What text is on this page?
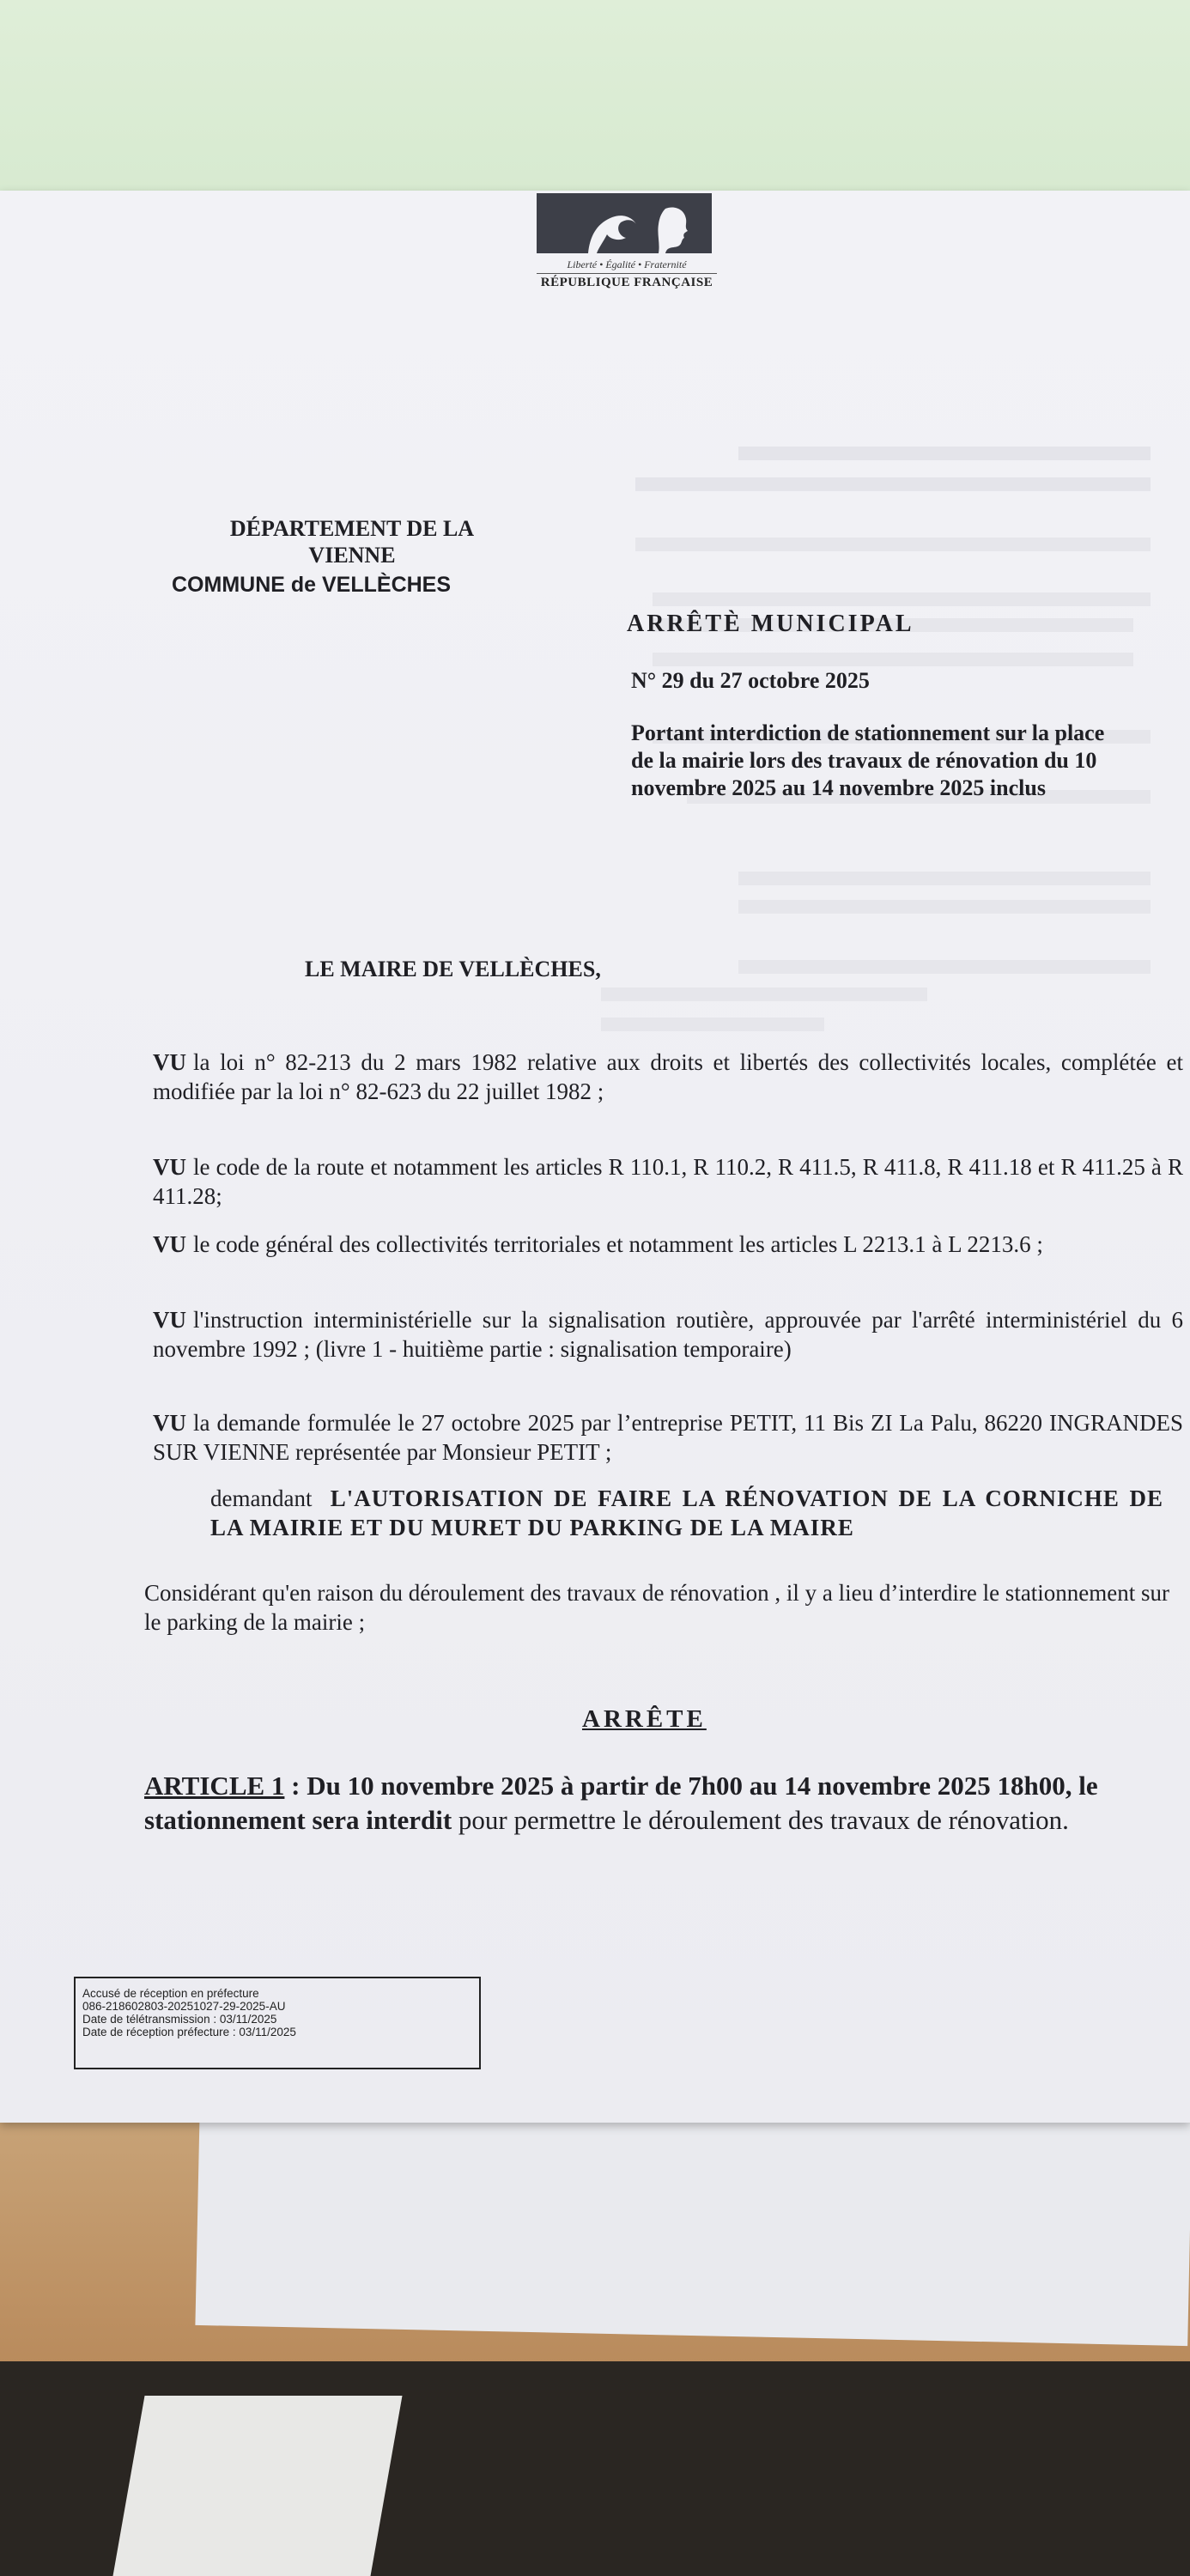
Liberté • Égalité • Fraternité
RÉPUBLIQUE FRANÇAISE
DÉPARTEMENT DE LA
VIENNE
COMMUNE de VELLÈCHES
ARRÊTÈ MUNICIPAL
N° 29 du 27 octobre 2025
Portant interdiction de stationnement sur la place de la mairie lors des travaux de rénovation du 10 novembre 2025 au 14 novembre 2025 inclus
LE MAIRE DE VELLÈCHES,
VU la loi n° 82-213 du 2 mars 1982 relative aux droits et libertés des collectivités locales, complétée et modifiée par la loi n° 82-623 du 22 juillet 1982 ;
VU le code de la route et notamment les articles R 110.1, R 110.2, R 411.5, R 411.8, R 411.18 et R 411.25 à R 411.28;
VU le code général des collectivités territoriales et notamment les articles L 2213.1 à L 2213.6 ;
VU l'instruction interministérielle sur la signalisation routière, approuvée par l'arrêté interministériel du 6 novembre 1992 ; (livre 1 - huitième partie : signalisation temporaire)
VU la demande formulée le 27 octobre 2025 par l’entreprise PETIT, 11 Bis ZI La Palu, 86220 INGRANDES SUR VIENNE représentée par Monsieur PETIT ;
demandant L'AUTORISATION DE FAIRE LA RÉNOVATION DE LA CORNICHE DE LA MAIRIE ET DU MURET DU PARKING DE LA MAIRE
Considérant qu'en raison du déroulement des travaux de rénovation , il y a lieu d’interdire le stationnement sur le parking de la mairie ;
ARRÊTE
ARTICLE 1 : Du 10 novembre 2025 à partir de 7h00 au 14 novembre 2025 18h00, le stationnement sera interdit pour permettre le déroulement des travaux de rénovation.
Accusé de réception en préfecture
086-218602803-20251027-29-2025-AU
Date de télétransmission : 03/11/2025
Date de réception préfecture : 03/11/2025
